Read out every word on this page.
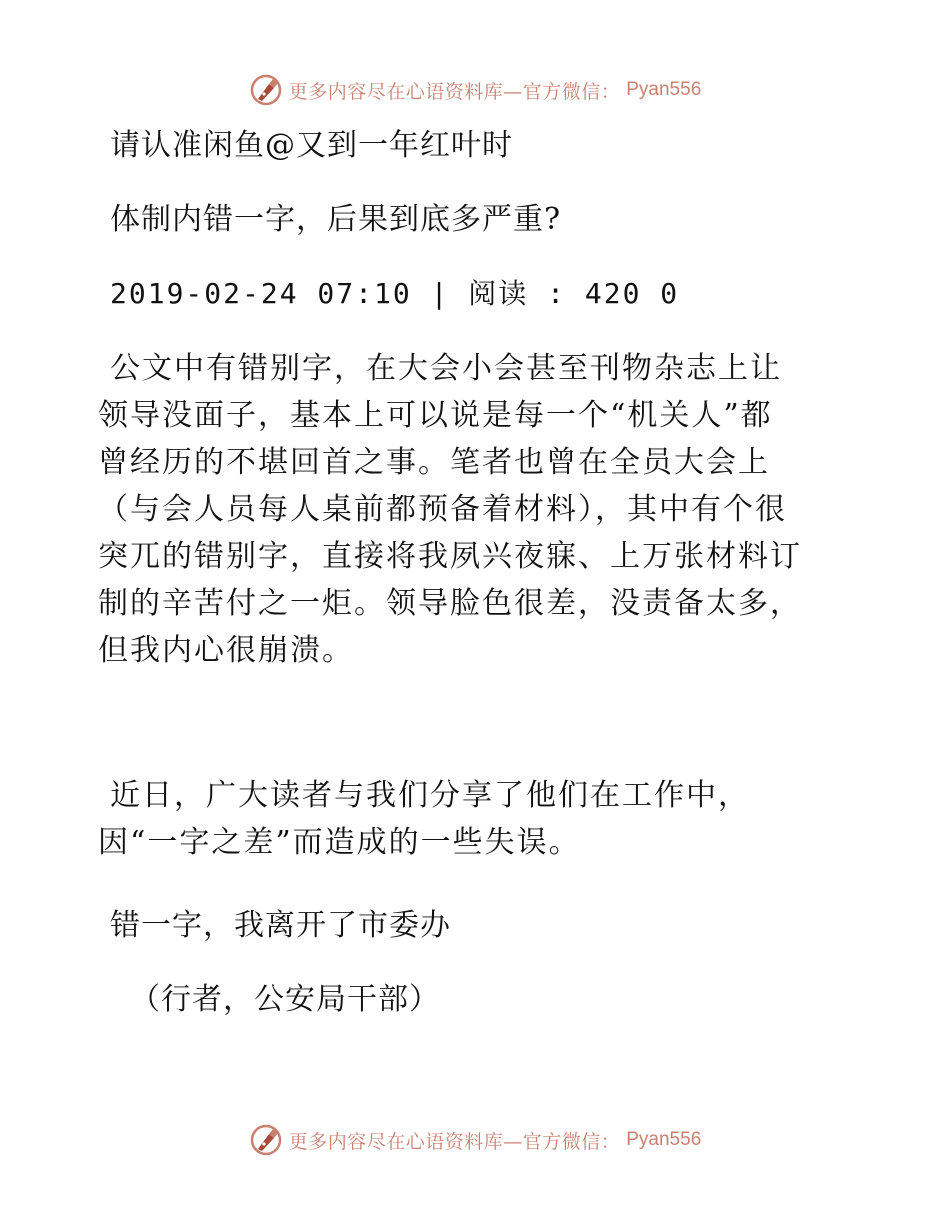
更多内容尽在心语资料库—官方微信： Pyan556

请认准闲鱼@又到一年红叶时

体制内错一字，后果到底多严重?

2019-02-24 07:10 | 阅读 : 420 0

公文中有错别字，在大会小会甚至刊物杂志上让
领导没面子，基本上可以说是每一个“机关人”都
曾经历的不堪回首之事。笔者也曾在全员大会上
（与会人员每人桌前都预备着材料），其中有个很
突兀的错别字，直接将我夙兴夜寐、上万张材料订
制的辛苦付之一炬。领导脸色很差，没责备太多，
但我内心很崩溃。
近日，广大读者与我们分享了他们在工作中，
因“一字之差”而造成的一些失误。

错一字，我离开了市委办

（行者，公安局干部）

更多内容尽在心语资料库—官方微信： Pyan556
